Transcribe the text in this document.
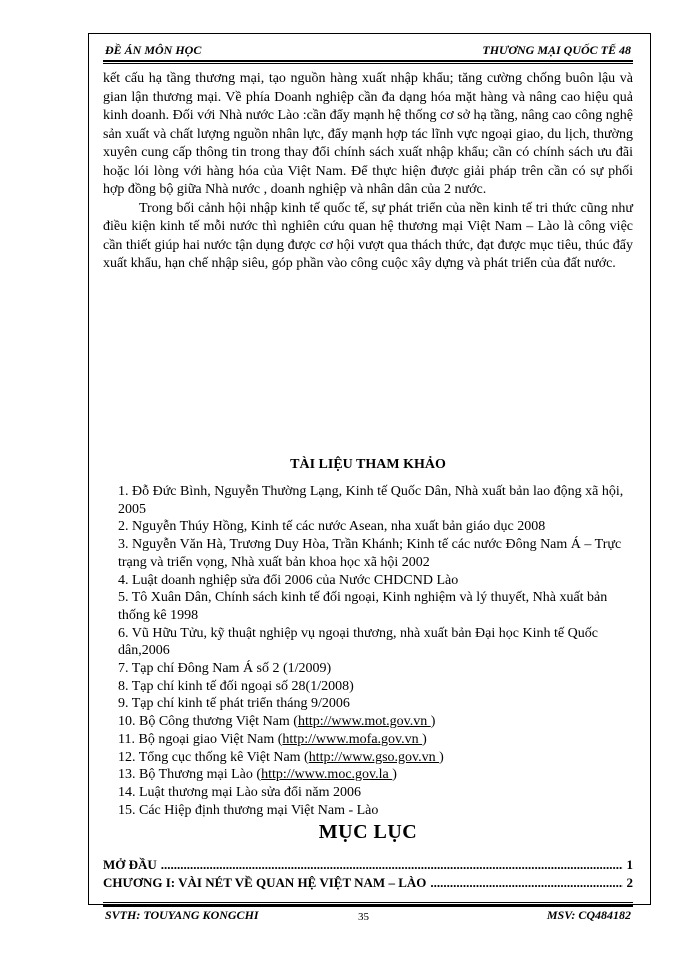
ĐỀ ÁN MÔN HỌC	THƯƠNG MẠI QUỐC TẾ 48

kết cấu hạ tầng thương mại, tạo nguồn hàng xuất nhập khẩu; tăng cường chống buôn lậu và gian lận thương mại. Về phía Doanh nghiệp cần đa dạng hóa mặt hàng và nâng cao hiệu quả kinh doanh. Đối với Nhà nước Lào :cần đẩy mạnh hệ thống cơ sở hạ tầng, nâng cao công nghệ sản xuất và chất lượng nguồn nhân lực, đẩy mạnh hợp tác lĩnh vực ngoại giao, du lịch, thường xuyên cung cấp thông tin trong thay đổi chính sách xuất nhập khẩu; cần có chính sách ưu đãi hoặc lói lòng với hàng hóa của Việt Nam. Để thực hiện được giải pháp trên cần có sự phối hợp đồng bộ giữa Nhà nước , doanh nghiệp và nhân dân của 2 nước.

Trong bối cảnh hội nhập kinh tế quốc tế, sự phát triển của nền kinh tế tri thức cũng như điều kiện kinh tế mỗi nước thì nghiên cứu quan hệ thương mại Việt Nam – Lào là công việc cần thiết giúp hai nước tận dụng được cơ hội vượt qua thách thức, đạt được mục tiêu, thúc đẩy xuất khẩu, hạn chế nhập siêu, góp phần vào công cuộc xây dựng và phát triển của đất nước.

TÀI LIỆU THAM KHẢO
1. Đỗ Đức Bình, Nguyễn Thường Lạng, Kinh tế Quốc Dân, Nhà xuất bản lao động xã hội, 2005
2. Nguyễn Thúy Hồng, Kinh tế các nước Asean, nha xuất bản giáo dục 2008
3. Nguyễn Văn Hà, Trương Duy Hòa, Trần Khánh; Kinh tế các nước Đông Nam Á – Trực trạng và triển vọng, Nhà xuất bản khoa học xã hội 2002
4. Luật doanh nghiệp sửa đổi 2006 của Nước CHDCND Lào
5. Tô Xuân Dân, Chính sách kinh tế đối ngoại, Kinh nghiệm và lý thuyết, Nhà xuất bản thống kê 1998
6. Vũ Hữu Tửu, kỹ thuật nghiệp vụ ngoại thương, nhà xuất bản Đại học Kinh tế Quốc dân,2006
7. Tạp chí Đông Nam Á số 2 (1/2009)
8. Tạp chí kinh tế đối ngoại số 28(1/2008)
9. Tạp chí kinh tế phát triển tháng 9/2006
10. Bộ Công thương Việt Nam (http://www.mot.gov.vn )
11. Bộ ngoại giao Việt Nam (http://www.mofa.gov.vn )
12. Tổng cục thống kê Việt Nam (http://www.gso.gov.vn )
13. Bộ Thương mại Lào (http://www.moc.gov.la )
14. Luật thương mại Lào sửa đổi năm 2006
15. Các Hiệp định thương mại Việt Nam - Lào
MỤC LỤC
MỞ ĐẦU .....	1
CHƯƠNG I: VÀI NÉT VỀ QUAN HỆ VIỆT NAM – LÀO .....	2
SVTH: TOUYANG KONGCHI	35	MSV: CQ484182
